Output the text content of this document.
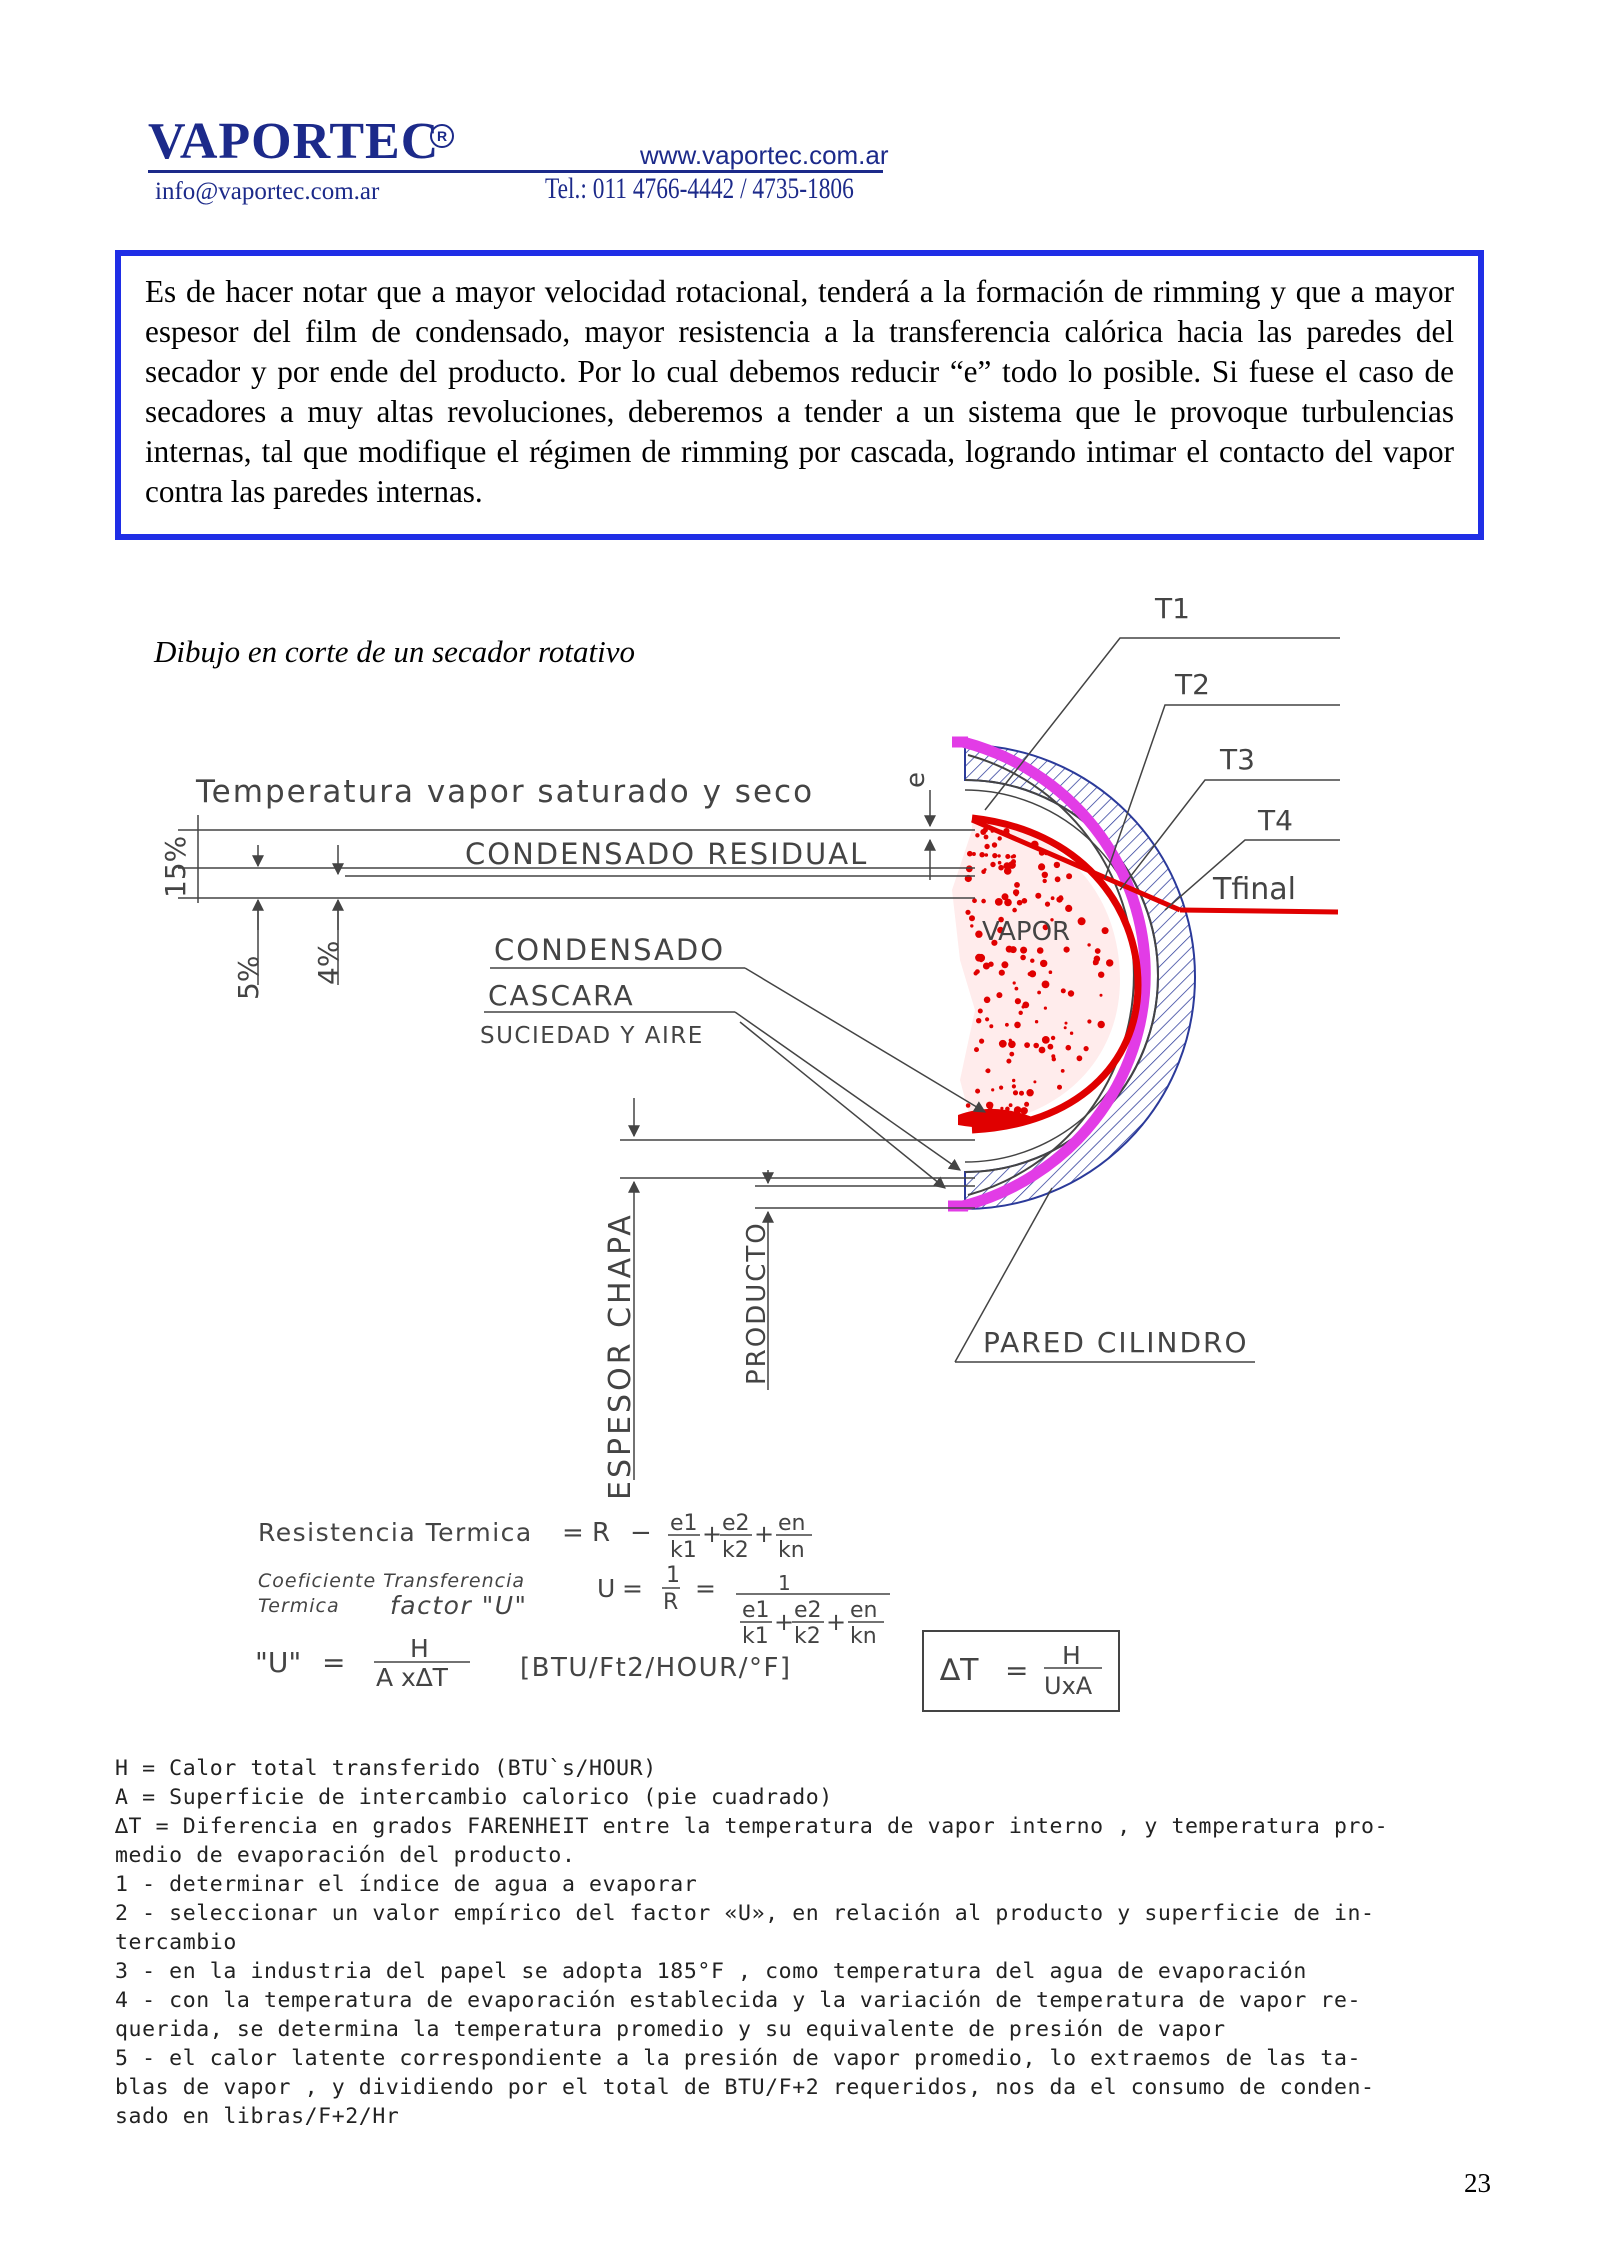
VAPORTEC
R
www.vaportec.com.ar
info@vaportec.com.ar	Tel.: 011 4766-4442 / 4735-1806
Es de hacer notar que a mayor velocidad rotacional, tenderá a la formación de rimming y que a mayor espesor del film de condensado, mayor resistencia a la transferencia calórica hacia las paredes del secador y por ende del producto. Por lo cual debemos reducir “e” todo lo posible. Si fuese el caso de secadores a muy altas revoluciones, deberemos a tender a un sistema que le provoque turbulencias internas, tal que modifique el régimen de rimming por cascada, logrando intimar el contacto del vapor contra las paredes internas.
Dibujo en corte de un secador rotativo
T1
T2
T3
T4
Tfinal
VAPOR
Temperatura vapor saturado y seco
CONDENSADO RESIDUAL
e
15%
5% 4%	CONDENSADO
CASCARA
SUCIEDAD Y AIRE
ESPESOR CHAPA	PRODUCTO	PARED CILINDRO
Resistencia Termica = R − e1
k1
+ e2
k2
+ en
kn
Coeficiente Transferencia
Termica factor "U"
U = 1
R =	1
e1
k1
+ e2
k2
+ en
kn
"U" =	H
A x∆T	[BTU/Ft2/HOUR/°F]	∆T = H
UxA
H = Calor total transferido (BTU`s/HOUR)
A = Superficie de intercambio calorico (pie cuadrado)
∆T = Diferencia en grados FARENHEIT entre la temperatura de vapor interno , y temperatura pro-
medio de evaporación del producto.
1 - determinar el índice de agua a evaporar
2 - seleccionar un valor empírico del factor «U», en relación al producto y superficie de in-
tercambio
3 - en la industria del papel se adopta 185°F , como temperatura del agua de evaporación
4 - con la temperatura de evaporación establecida y la variación de temperatura de vapor re-
querida, se determina la temperatura promedio y su equivalente de presión de vapor
5 - el calor latente correspondiente a la presión de vapor promedio, lo extraemos de las ta-
blas de vapor , y dividiendo por el total de BTU/F+2 requeridos, nos da el consumo de conden-
sado en libras/F+2/Hr
23
